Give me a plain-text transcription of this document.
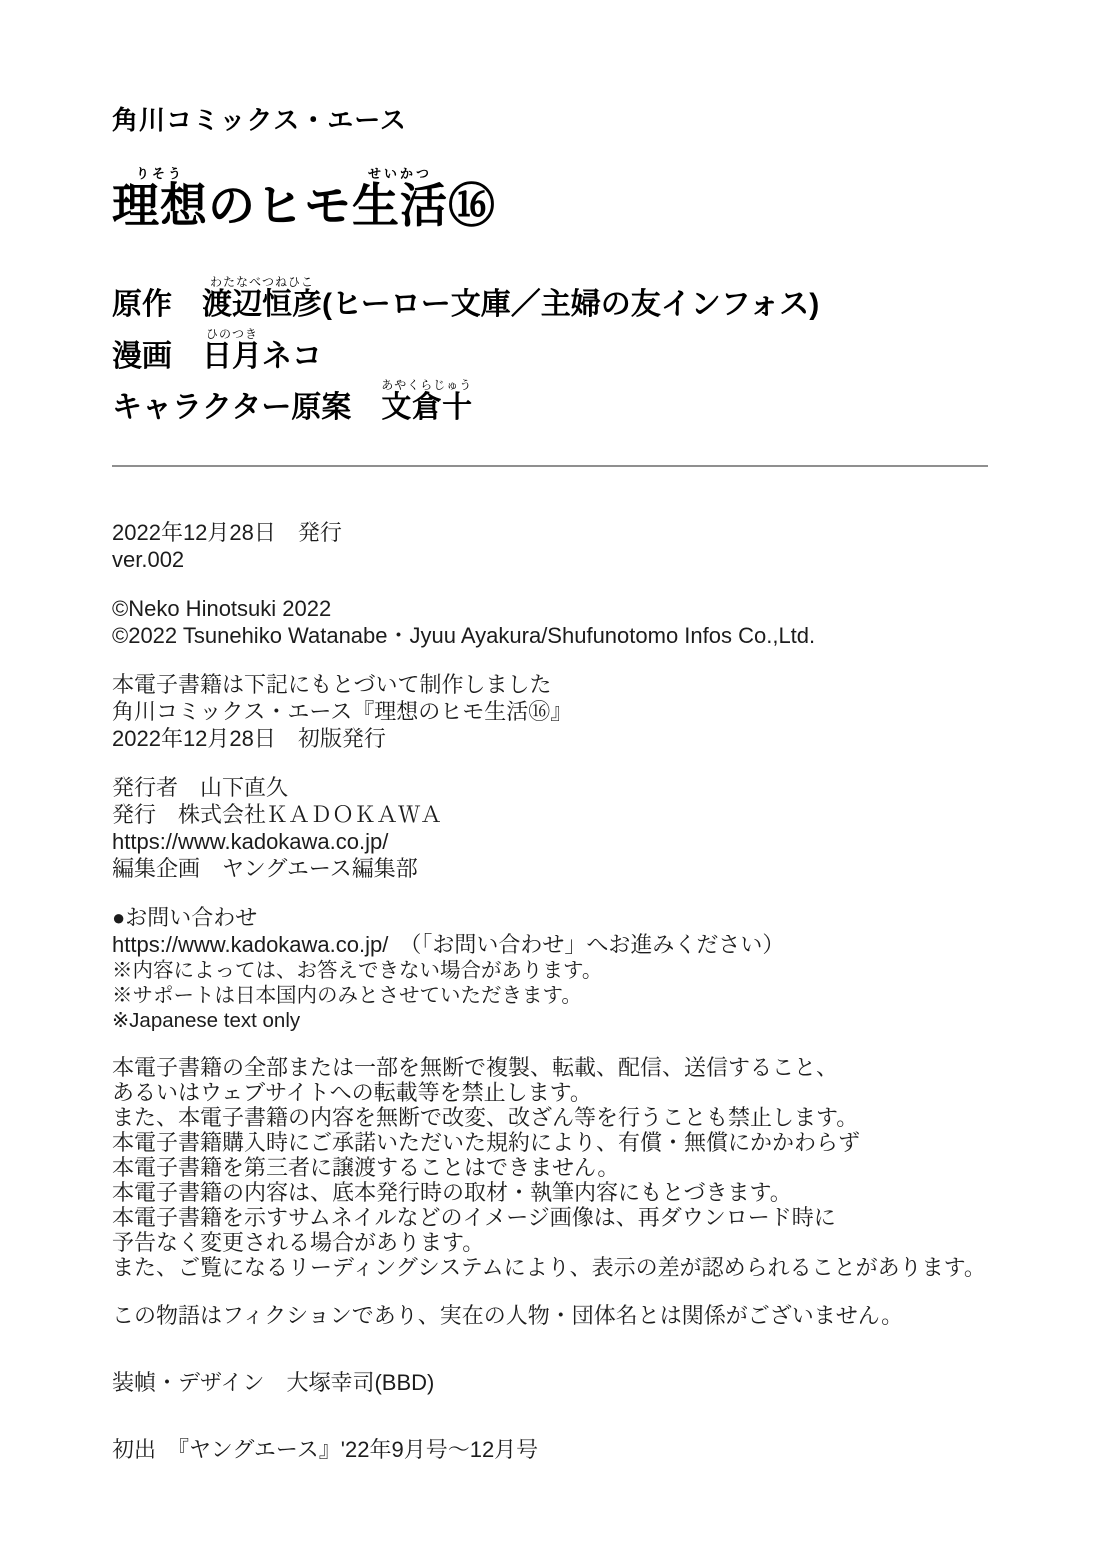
角川コミックス・エース
理想りそうのヒモ生活せいかつ⑯
原作 渡辺恒彦わたなべつねひこ(ヒーロー文庫／主婦の友インフォス)
漫画 日月ひのつきネコ
キャラクター原案 文倉十あやくらじゅう

2022年12月28日　発行

ver.002

©Neko Hinotsuki 2022

©2022 Tsunehiko Watanabe・Jyuu Ayakura/Shufunotomo Infos Co.,Ltd.

本電子書籍は下記にもとづいて制作しました

角川コミックス・エース『理想のヒモ生活⑯』

2022年12月28日　初版発行

発行者　山下直久

発行　株式会社ＫＡＤＯＫＡＷＡ

https://www.kadokawa.co.jp/

編集企画　ヤングエース編集部

●お問い合わせ

https://www.kadokawa.co.jp/　（「お問い合わせ」へお進みください）

※内容によっては、お答えできない場合があります。

※サポートは日本国内のみとさせていただきます。

※Japanese text only

本電子書籍の全部または一部を無断で複製、転載、配信、送信すること、

あるいはウェブサイトへの転載等を禁止します。

また、本電子書籍の内容を無断で改変、改ざん等を行うことも禁止します。

本電子書籍購入時にご承諾いただいた規約により、有償・無償にかかわらず

本電子書籍を第三者に譲渡することはできません。

本電子書籍の内容は、底本発行時の取材・執筆内容にもとづきます。

本電子書籍を示すサムネイルなどのイメージ画像は、再ダウンロード時に

予告なく変更される場合があります。

また、ご覧になるリーディングシステムにより、表示の差が認められることがあります。

この物語はフィクションであり、実在の人物・団体名とは関係がございません。

装幀・デザイン　大塚幸司(BBD)

初出　『ヤングエース』'22年9月号～12月号
